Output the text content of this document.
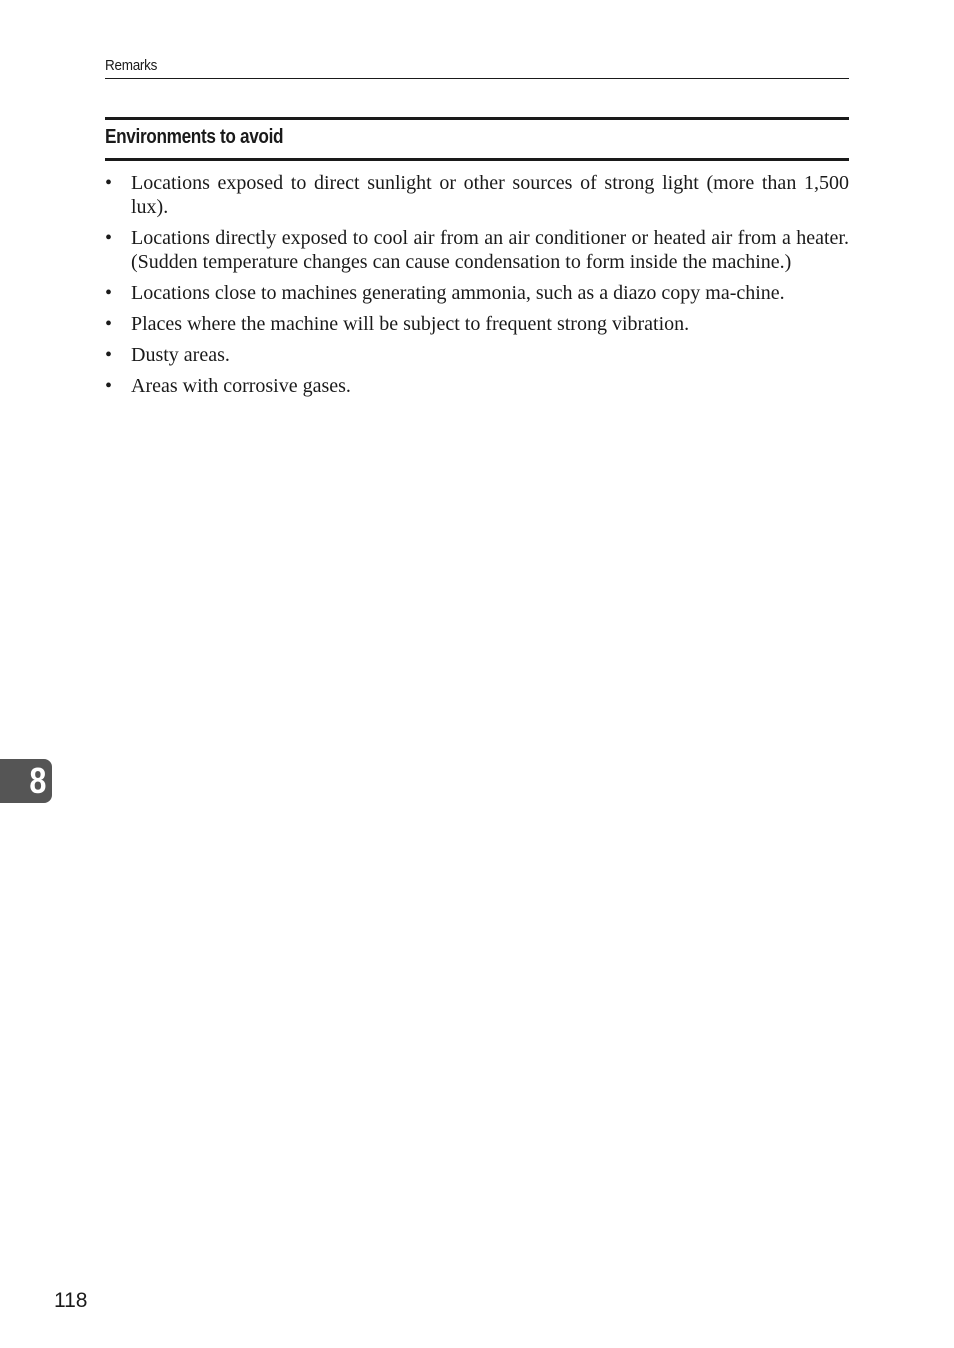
Remarks
Environments to avoid
• Locations exposed to direct sunlight or other sources of strong light (more than 1,500 lux).
• Locations directly exposed to cool air from an air conditioner or heated air from a heater. (Sudden temperature changes can cause condensation to form inside the machine.)
• Locations close to machines generating ammonia, such as a diazo copy ma-chine.
• Places where the machine will be subject to frequent strong vibration.
• Dusty areas.
• Areas with corrosive gases.
8
118
